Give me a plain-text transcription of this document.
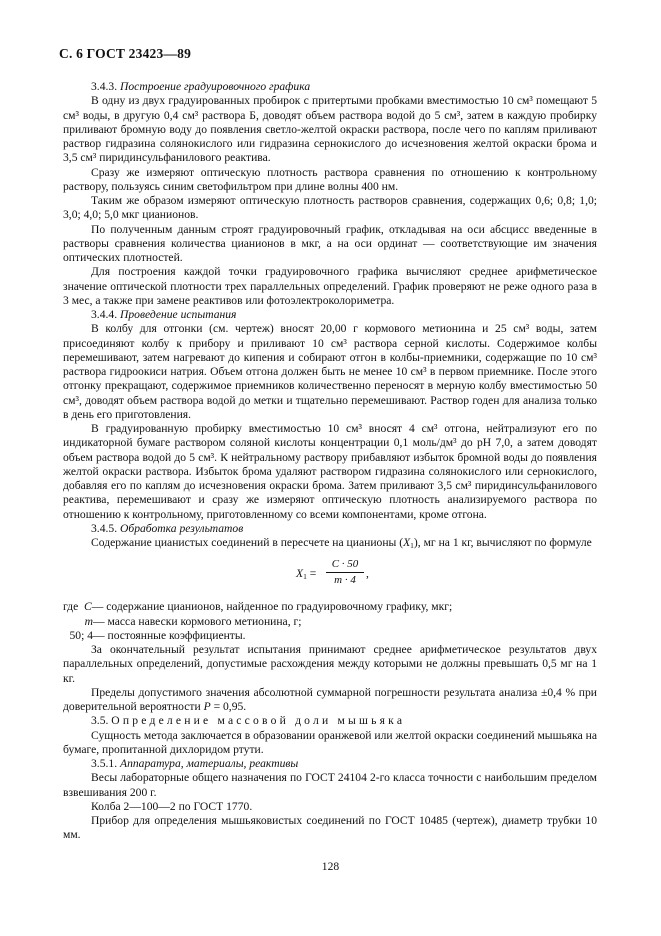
С. 6 ГОСТ 23423—89

3.4.3. Построение градуировочного графика

В одну из двух градуированных пробирок с притертыми пробками вместимостью 10 см³ помещают 5 см³ воды, в другую 0,4 см³ раствора Б, доводят объем раствора водой до 5 см³, затем в каждую пробирку приливают бромную воду до появления светло-желтой окраски раствора, после чего по каплям приливают раствор гидразина солянокислого или гидразина сернокислого до исчезновения желтой окраски брома и 3,5 см³ пиридинсульфанилового реактива.

Сразу же измеряют оптическую плотность раствора сравнения по отношению к контрольному раствору, пользуясь синим светофильтром при длине волны 400 нм.

Таким же образом измеряют оптическую плотность растворов сравнения, содержащих 0,6; 0,8; 1,0; 3,0; 4,0; 5,0 мкг цианионов.

По полученным данным строят градуировочный график, откладывая на оси абсцисс введенные в растворы сравнения количества цианионов в мкг, а на оси ординат — соответствующие им значения оптических плотностей.

Для построения каждой точки градуировочного графика вычисляют среднее арифметическое значение оптической плотности трех параллельных определений. График проверяют не реже одного раза в 3 мес, а также при замене реактивов или фотоэлектроколориметра.

3.4.4. Проведение испытания

В колбу для отгонки (см. чертеж) вносят 20,00 г кормового метионина и 25 см³ воды, затем присоединяют колбу к прибору и приливают 10 см³ раствора серной кислоты. Содержимое колбы перемешивают, затем нагревают до кипения и собирают отгон в колбы-приемники, содержащие по 10 см³ раствора гидроокиси натрия. Объем отгона должен быть не менее 10 см³ в первом приемнике. После этого отгонку прекращают, содержимое приемников количественно переносят в мерную колбу вместимостью 50 см³, доводят объем раствора водой до метки и тщательно перемешивают. Раствор годен для анализа только в день его приготовления.

В градуированную пробирку вместимостью 10 см³ вносят 4 см³ отгона, нейтрализуют его по индикаторной бумаге раствором соляной кислоты концентрации 0,1 моль/дм³ до рН 7,0, а затем доводят объем раствора водой до 5 см³. К нейтральному раствору прибавляют избыток бромной воды до появления желтой окраски раствора. Избыток брома удаляют раствором гидразина солянокислого или сернокислого, добавляя его по каплям до исчезновения окраски брома. Затем приливают 3,5 см³ пиридинсульфанилового реактива, перемешивают и сразу же измеряют оптическую плотность анализируемого раствора по отношению к контрольному, приготовленному со всеми компонентами, кроме отгона.

3.4.5. Обработка результатов

Содержание цианистых соединений в пересчете на цианионы $(X_1)$, мг на 1 кг, вычисляют по формуле

$X_1 = \frac{C \cdot 50}{m \cdot 4}$ ,
где  C — содержание цианионов, найденное по градуировочному графику, мкг;
m — масса навески кормового метионина, г;
50; 4 — постоянные коэффициенты.

За окончательный результат испытания принимают среднее арифметическое результатов двух параллельных определений, допустимые расхождения между которыми не должны превышать 0,5 мг на 1 кг.

Пределы допустимого значения абсолютной суммарной погрешности результата анализа ±0,4 % при доверительной вероятности Р = 0,95.

3.5. Определение массовой доли мышьяка

Сущность метода заключается в образовании оранжевой или желтой окраски соединений мышьяка на бумаге, пропитанной дихлоридом ртути.

3.5.1. Аппаратура, материалы, реактивы

Весы лабораторные общего назначения по ГОСТ 24104 2-го класса точности с наибольшим пределом взвешивания 200 г.

Колба 2—100—2 по ГОСТ 1770.

Прибор для определения мышьяковистых соединений по ГОСТ 10485 (чертеж), диаметр трубки 10 мм.

128
